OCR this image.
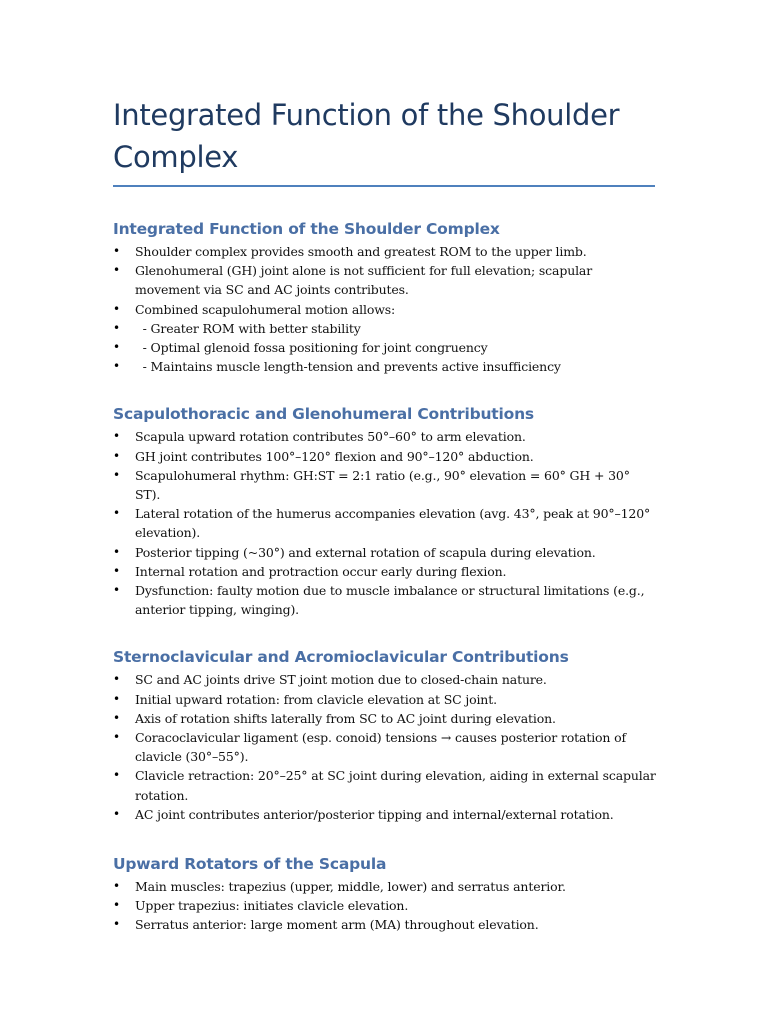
Integrated Function of the Shoulder Complex
Integrated Function of the Shoulder Complex
• Shoulder complex provides smooth and greatest ROM to the upper limb.
• Glenohumeral (GH) joint alone is not sufficient for full elevation; scapular movement via SC and AC joints contributes.
• Combined scapulohumeral motion allows:
• - Greater ROM with better stability
• - Optimal glenoid fossa positioning for joint congruency
• - Maintains muscle length-tension and prevents active insufficiency
Scapulothoracic and Glenohumeral Contributions
• Scapula upward rotation contributes 50°–60° to arm elevation.
• GH joint contributes 100°–120° flexion and 90°–120° abduction.
• Scapulohumeral rhythm: GH:ST = 2:1 ratio (e.g., 90° elevation = 60° GH + 30° ST).
• Lateral rotation of the humerus accompanies elevation (avg. 43°, peak at 90°–120° elevation).
• Posterior tipping (~30°) and external rotation of scapula during elevation.
• Internal rotation and protraction occur early during flexion.
• Dysfunction: faulty motion due to muscle imbalance or structural limitations (e.g., anterior tipping, winging).
Sternoclavicular and Acromioclavicular Contributions
• SC and AC joints drive ST joint motion due to closed-chain nature.
• Initial upward rotation: from clavicle elevation at SC joint.
• Axis of rotation shifts laterally from SC to AC joint during elevation.
• Coracoclavicular ligament (esp. conoid) tensions → causes posterior rotation of clavicle (30°–55°).
• Clavicle retraction: 20°–25° at SC joint during elevation, aiding in external scapular rotation.
• AC joint contributes anterior/posterior tipping and internal/external rotation.
Upward Rotators of the Scapula
• Main muscles: trapezius (upper, middle, lower) and serratus anterior.
• Upper trapezius: initiates clavicle elevation.
• Serratus anterior: large moment arm (MA) throughout elevation.
